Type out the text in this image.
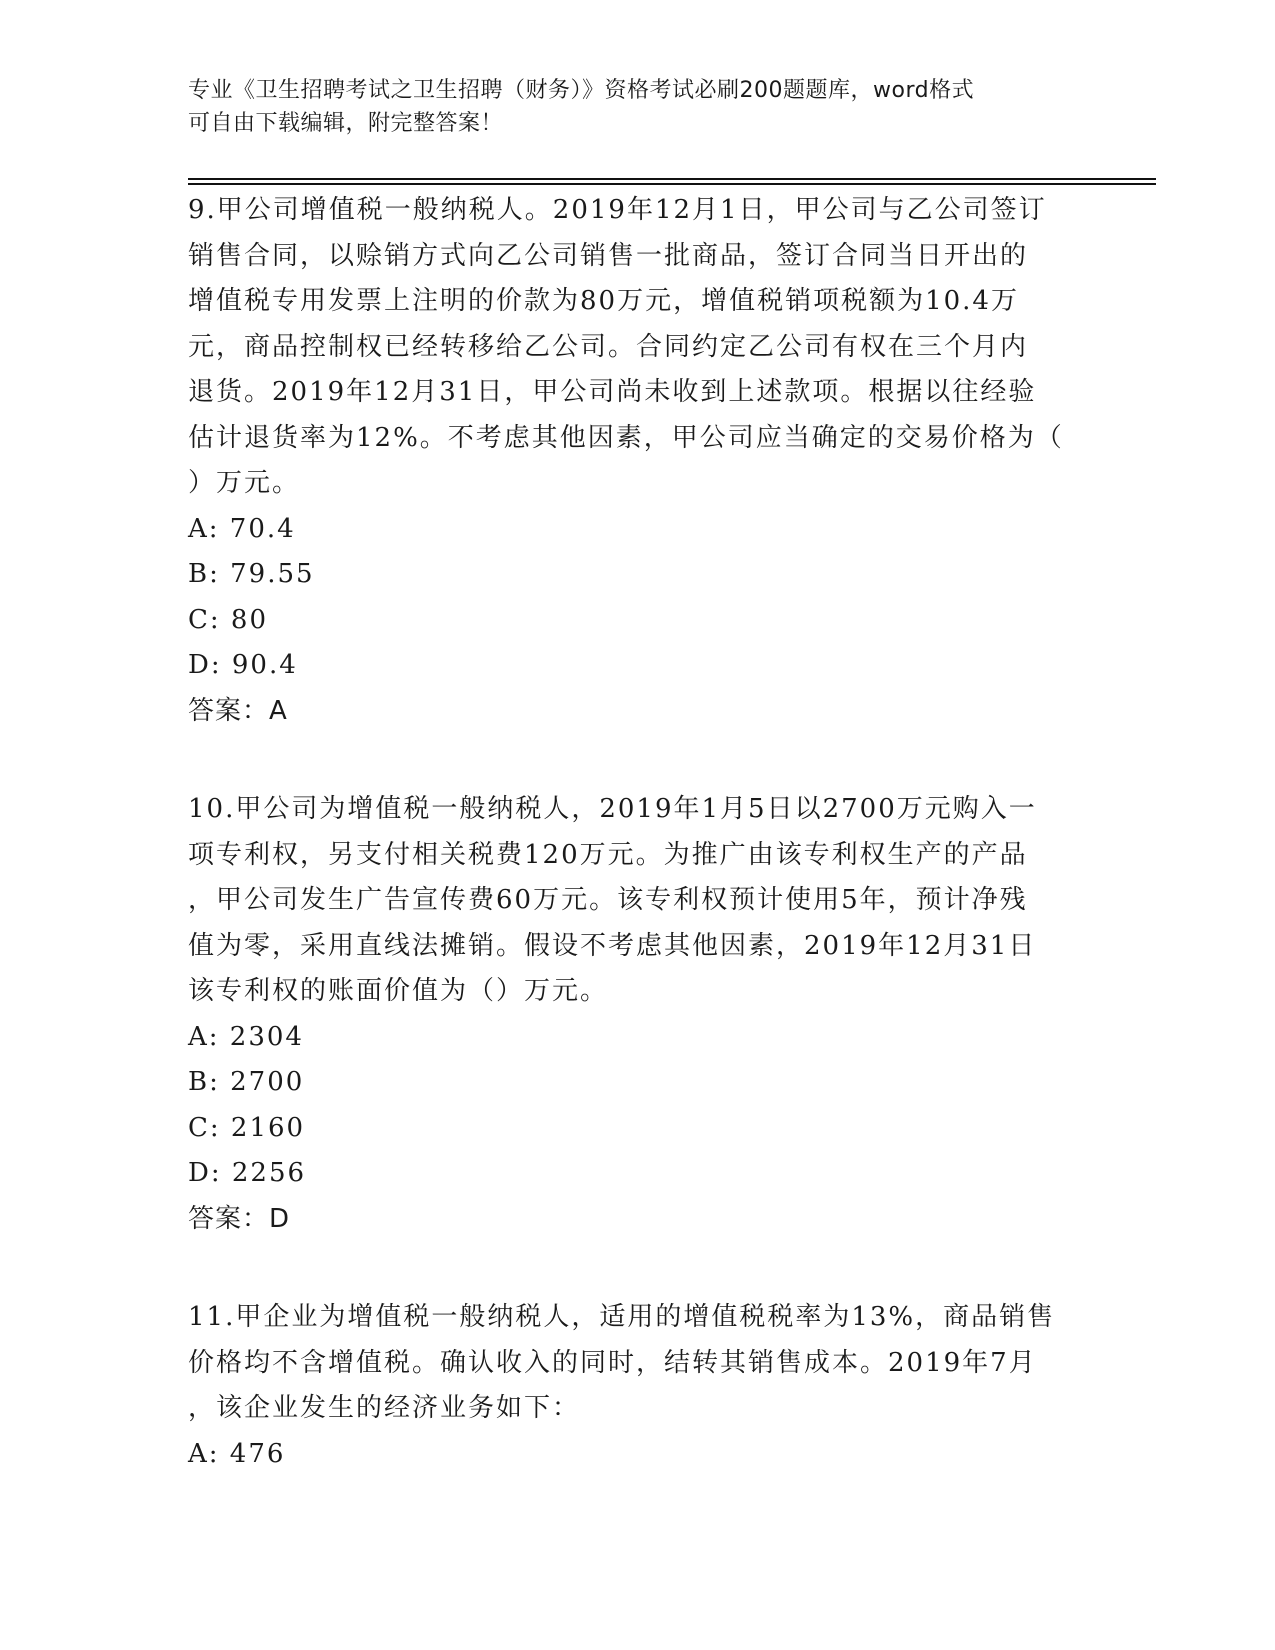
专业《卫生招聘考试之卫生招聘（财务）》资格考试必刷200题题库，word格式
可自由下载编辑，附完整答案！
9.甲公司增值税一般纳税人。2019年12月1日，甲公司与乙公司签订
销售合同，以赊销方式向乙公司销售一批商品，签订合同当日开出的
增值税专用发票上注明的价款为80万元，增值税销项税额为10.4万
元，商品控制权已经转移给乙公司。合同约定乙公司有权在三个月内
退货。2019年12月31日，甲公司尚未收到上述款项。根据以往经验
估计退货率为12%。不考虑其他因素，甲公司应当确定的交易价格为（
）万元。
A: 70.4
B: 79.55
C: 80
D: 90.4
答案：A
10.甲公司为增值税一般纳税人，2019年1月5日以2700万元购入一
项专利权，另支付相关税费120万元。为推广由该专利权生产的产品
，甲公司发生广告宣传费60万元。该专利权预计使用5年，预计净残
值为零，采用直线法摊销。假设不考虑其他因素，2019年12月31日
该专利权的账面价值为（）万元。
A: 2304
B: 2700
C: 2160
D: 2256
答案：D
11.甲企业为增值税一般纳税人，适用的增值税税率为13%，商品销售
价格均不含增值税。确认收入的同时，结转其销售成本。2019年7月
，该企业发生的经济业务如下：
A: 476
